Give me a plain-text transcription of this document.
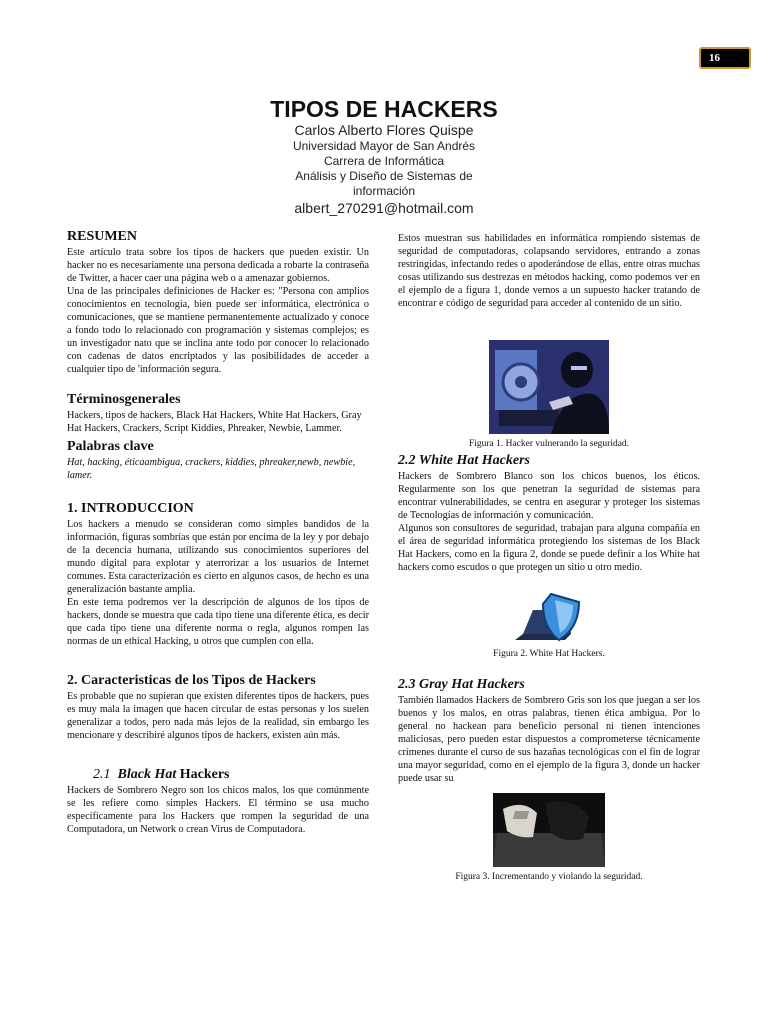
16
TIPOS DE HACKERS
Carlos Alberto Flores Quispe
Universidad Mayor de San Andrés
Carrera de Informática
Análisis y Diseño de Sistemas de información
albert_270291@hotmail.com
RESUMEN

Este artículo trata sobre los tipos de hackers que pueden existir. Un hacker no es necesariamente una persona dedicada a robarte la contraseña de Twitter, a hacer caer una página web o a amenazar gobiernos.

Una de las principales definiciones de Hacker es: "Persona con amplios conocimientos en tecnología, bien puede ser informática, electrónica o comunicaciones, que se mantiene permanentemente actualizado y conoce a fondo todo lo relacionado con programación y sistemas complejos; es un investigador nato que se inclina ante todo por conocer lo relacionado con cadenas de datos encriptados y las posibilidades de acceder a cualquier tipo de 'información segura.

Términosgenerales

Hackers, tipos de hackers, Black Hat Hackers, White Hat Hackers, Gray Hat Hackers, Crackers, Script Kiddies, Phreaker, Newbie, Lammer.

Palabras clave

Hat, hacking, éticaambigua, crackers, kiddies, phreaker,newb, newbie, lamer.

1. INTRODUCCION

Los hackers a menudo se consideran como simples bandidos de la información, figuras sombrías que están por encima de la ley y por debajo de la decencia humana, utilizando sus conocimientos superiores del mundo digital para explotar y aterrorizar a los usuarios de Internet comunes. Esta caracterización es cierto en algunos casos, de hecho es una generalización bastante amplia.

En este tema podremos ver la descripción de algunos de los tipos de hackers, donde se muestra que cada tipo tiene una diferente ética, es decir que cada tipo tiene una diferente norma o regla, algunos rompen las normas de un ethical Hacking, u otros que cumplen con ella.

2. Caracteristicas de los Tipos de Hackers

Es probable que no supieran que existen diferentes tipos de hackers, pues es muy mala la imagen que hacen circular de estas personas y los suelen generalizar a todos, pero nada más lejos de la realidad, sin embargo les mencionare y describiré algunos tipos de hackers, existen aún más.

2.1 Black Hat Hackers

Hackers de Sombrero Negro son los chicos malos, los que comúnmente se les refiere como simples Hackers. El término se usa mucho específicamente para los Hackers que rompen la seguridad de una Computadora, un Network o crean Virus de Computadora.

Estos muestran sus habilidades en informática rompiendo sistemas de seguridad de computadoras, colapsando servidores, entrando a zonas restringidas, infectando redes o apoderándose de ellas, entre otras muchas cosas utilizando sus destrezas en métodos hacking, como podemos ver en el ejemplo de a figura 1, donde vemos a un supuesto hacker tratando de encontrar e código de seguridad para acceder al contenido de un sitio.

Figura 1. Hacker vulnerando la seguridad.
2.2 White Hat Hackers

Hackers de Sombrero Blanco son los chicos buenos, los éticos. Regularmente son los que penetran la seguridad de sistemas para encontrar vulnerabilidades, se centra en asegurar y proteger los sistemas de Tecnologías de información y comunicación.

Algunos son consultores de seguridad, trabajan para alguna compañía en el área de seguridad informática protegiendo los sistemas de los Black Hat Hackers, como en la figura 2, donde se puede definir a los White hat hackers como escudos o que protegen un sitio u otro medio.

Figura 2. White Hat Hackers.
2.3 Gray Hat Hackers

También llamados Hackers de Sombrero Gris son los que juegan a ser los buenos y los malos, en otras palabras, tienen ética ambigua. Por lo general no hackean para beneficio personal ni tienen intenciones maliciosas, pero pueden estar dispuestos a comprometerse técnicamente crímenes durante el curso de sus hazañas tecnológicas con el fin de lograr una mayor seguridad, como en el ejemplo de la figura 3, donde un hacker puede usar su

Figura 3. Incrementando y violando la seguridad.
